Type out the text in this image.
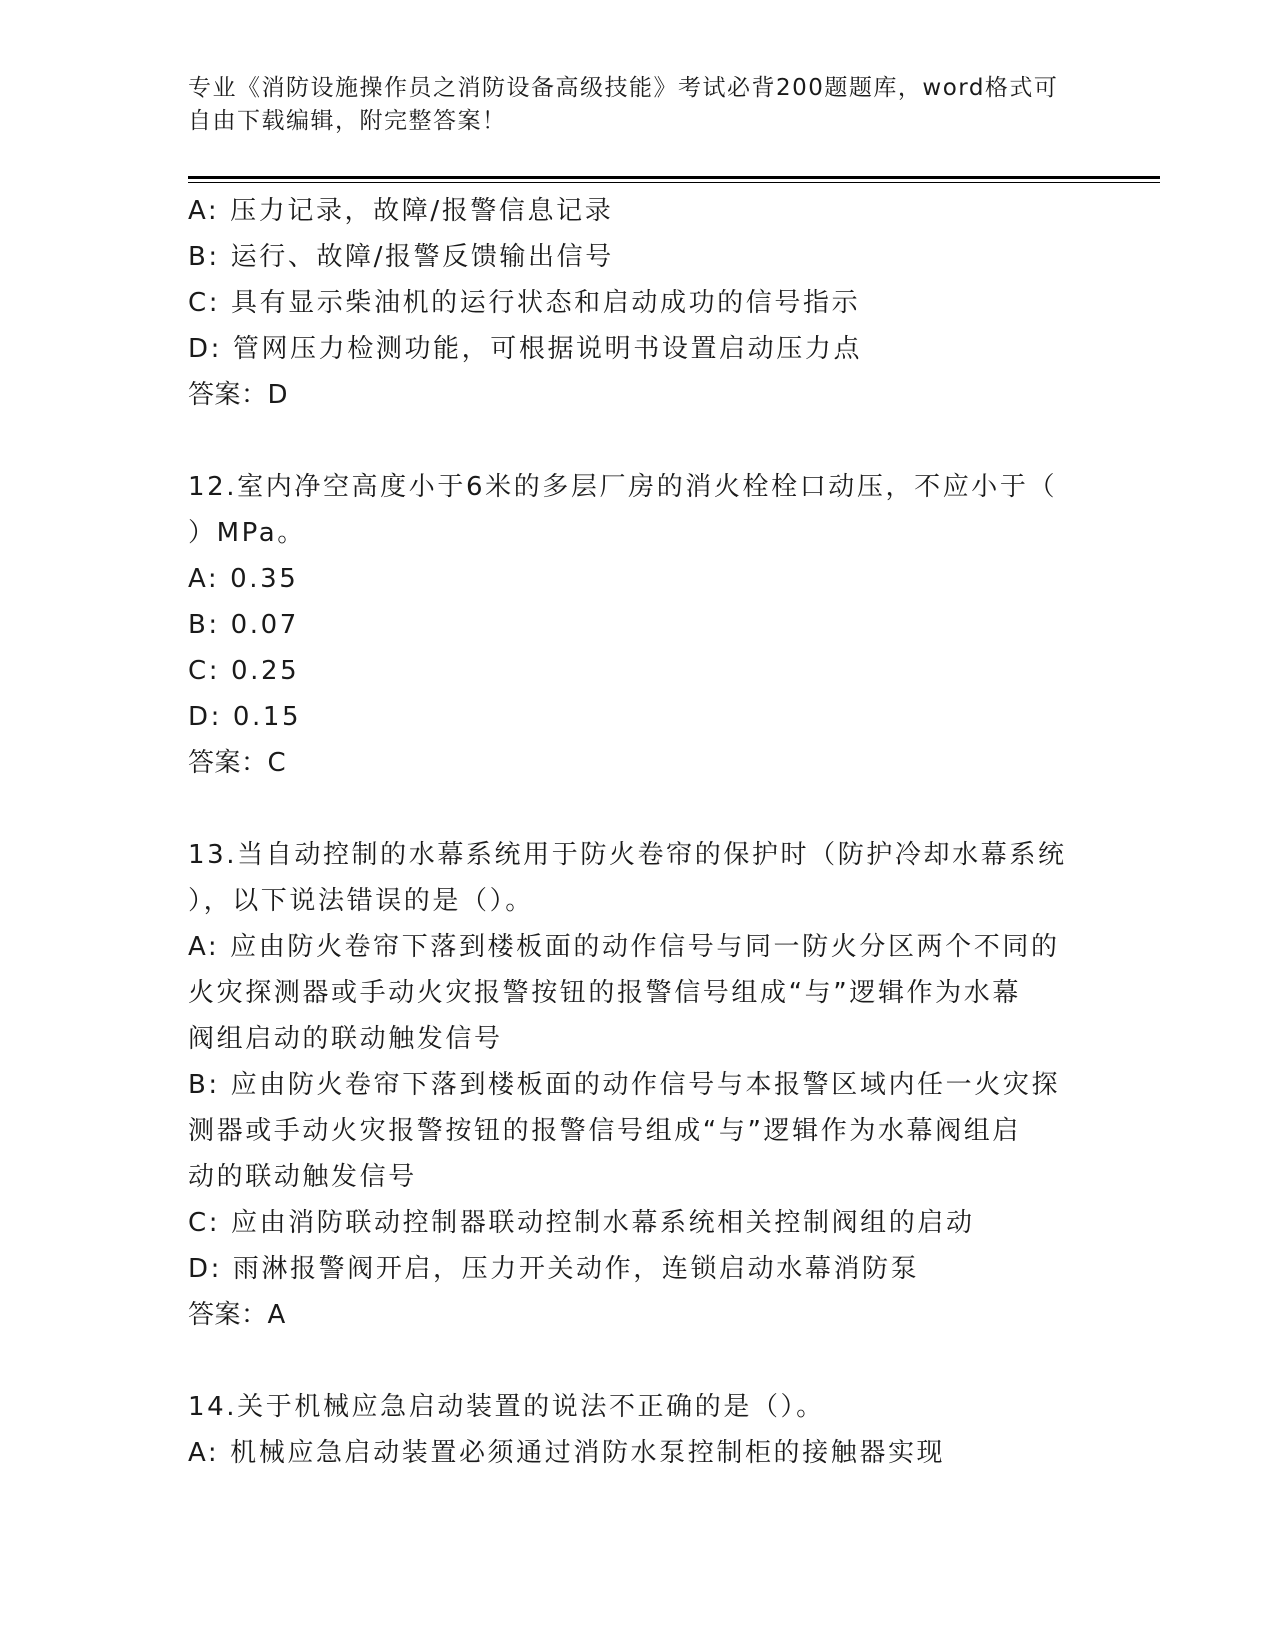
专业《消防设施操作员之消防设备高级技能》考试必背200题题库，word格式可
自由下载编辑，附完整答案！
A: 压力记录，故障/报警信息记录
B: 运行、故障/报警反馈输出信号
C: 具有显示柴油机的运行状态和启动成功的信号指示
D: 管网压力检测功能，可根据说明书设置启动压力点
答案：D
12.室内净空高度小于6米的多层厂房的消火栓栓口动压，不应小于（
）MPa。
A: 0.35
B: 0.07
C: 0.25
D: 0.15
答案：C
13.当自动控制的水幕系统用于防火卷帘的保护时（防护冷却水幕系统
），以下说法错误的是（）。
A: 应由防火卷帘下落到楼板面的动作信号与同一防火分区两个不同的
火灾探测器或手动火灾报警按钮的报警信号组成“与”逻辑作为水幕
阀组启动的联动触发信号
B: 应由防火卷帘下落到楼板面的动作信号与本报警区域内任一火灾探
测器或手动火灾报警按钮的报警信号组成“与”逻辑作为水幕阀组启
动的联动触发信号
C: 应由消防联动控制器联动控制水幕系统相关控制阀组的启动
D: 雨淋报警阀开启，压力开关动作，连锁启动水幕消防泵
答案：A
14.关于机械应急启动装置的说法不正确的是（）。
A: 机械应急启动装置必须通过消防水泵控制柜的接触器实现
